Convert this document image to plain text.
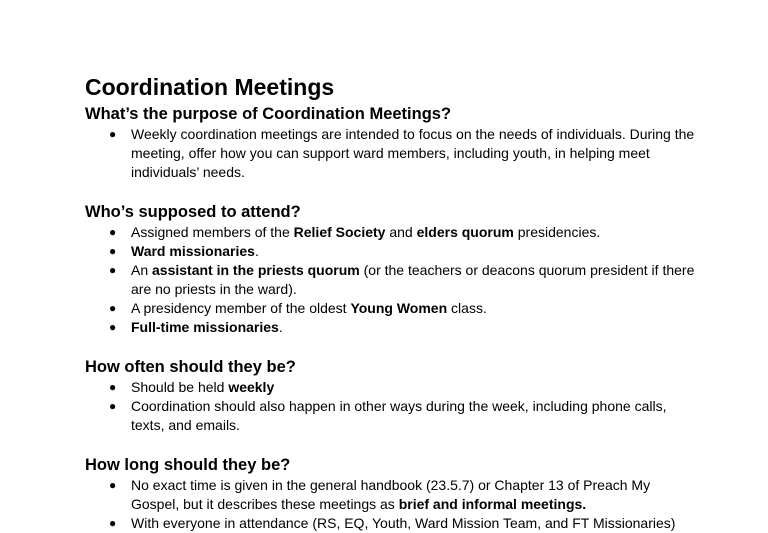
Coordination Meetings
What’s the purpose of Coordination Meetings?
● Weekly coordination meetings are intended to focus on the needs of individuals. During the meeting, offer how you can support ward members, including youth, in helping meet individuals’ needs.
Who’s supposed to attend?
● Assigned members of the Relief Society and elders quorum presidencies.
● Ward missionaries.
● An assistant in the priests quorum (or the teachers or deacons quorum president if there are no priests in the ward).
● A presidency member of the oldest Young Women class.
● Full-time missionaries.
How often should they be?
● Should be held weekly
● Coordination should also happen in other ways during the week, including phone calls, texts, and emails.
How long should they be?
● No exact time is given in the general handbook (23.5.7) or Chapter 13 of Preach My Gospel, but it describes these meetings as brief and informal meetings.
● With everyone in attendance (RS, EQ, Youth, Ward Mission Team, and FT Missionaries)
